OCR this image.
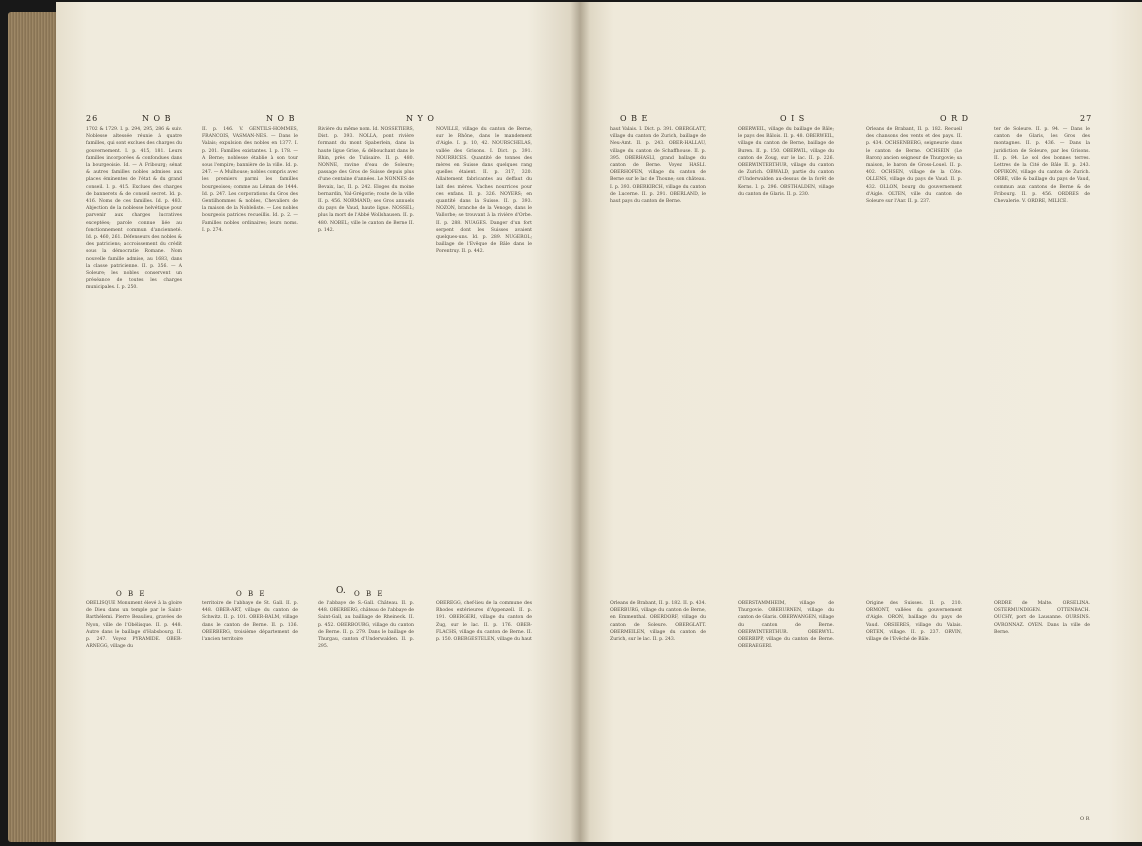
26	N O B	N O B	N Y O
1702 & 1729. I. p. 294, 295, 286 & suiv. Noblesse altessée réunie à quatre familles, qui sont exclues des charges du gouvernement. I. p. 415, 181. Leurs familles incorporées & confondues dans la bourgeoisie. Id. — A Fribourg; sénat & autres familles nobles admises aux places éminentes de l'état & du grand conseil. I. p. 415. Exclues des charges de bannerets & de conseil secret. Id. p. 416. Noms de ces familles. Id. p. 483. Abjection de la noblesse helvétique pour parvenir aux charges lucratives exceptées; parole connue liée au fonctionnement commun d'ancienneté. Id. p. 460, 261. Défenseurs des nobles & des patriciens; accroissement du crédit sous la démocratie Romane. Nom nouvelle famille admise, au 1683, dans la classe patricienne. II. p. 356. — A Soleure; les nobles conservent un préséance de toutes les charges municipales. I. p. 250.
II. p. 146. V. GENTILS-HOMMES, FRANCOIS, VASMAN-NES. — Dans le Valais; expulsion des nobles en 1377. I. p. 201. Familles existantes. I. p. 178. — A Berne; noblesse établie à son tour sous l'empire; bannière de la ville. Id. p. 247. — A Mulhouse; nobles compris avec les premiers parmi les familles bourgeoises; comme au Léman de 1444. Id. p. 247. Les corporations du Gros des Gentilhommes & nobles, Chevaliers de la maison de la Nobleliste. — Les nobles bourgeois patrices recueillis. Id. p. 2. — Familles nobles ordinaires; leurs noms. I. p. 274.
Rivière du même nom. Id. NOSSETIERS, Dist. p. 393. NOLLA, pont rivière formant du mont Spaberlein, dans la haute ligue Grise, & débouchant dans le Rhin, près de Tulisaire. II. p. 480. NONNE, ravine d'eau de Soleure; passage des Gros de Suisse depuis plus d'une centaine d'années. Le NONNES de Bevaix, lac, II. p. 242. Eloges du moine bernardin, Val-Grégorie; route de la ville II. p. 456. NORMAND; ses Gros annuels du pays de Vaud, haute ligue. NOSSEL; plus la mort de l'Abbé Wollshausen. II. p. 480. NOBEL; ville le canton de Berne II. p. 142.
NOVILLE, village du canton de Berne, sur le Rhône, dans le mandement d'Aigle. I. p. 10, 42. NOURSCHELAS, vallée des Grisons. I. Dict. p. 391. NOURRICES. Quantité de tonnes des mères en Suisse dans quelques rang quelles étaient. II. p. 317, 320. Allaitement fabricantes au deffaut du lait des mères. Vaches nourrices pour ces enfans. II. p. 326. NOYERS; en quantité dans la Suisse. II. p. 393. NOZON, branche de la Venoge, dans le Vallorbe; se trouvant à la rivière d'Orbe. II. p. 288. NUAGES. Danger d'un fort serpent dont les Suisses avaient quelques-uns. Id. p. 289. NUGEROL; baillage de l'Evêque de Bâle dans le Porentruy. II. p. 442.
O B E	O B E	O. O B E
OBELISQUE Monument élevé à la gloire de Dieu dans un temple par le Saint-Barthélemi. Pierre Beaulieu, gravées de Nyon, ville de l'Obélisque. II. p. 448. Autre dans le baillage d'Habsbourg. II. p. 247. Voyez PYRAMIDE. OBER-ARNEGG, village du
territoire de l'abbaye de St. Gall. II. p. 448. OBER-ART, village du canton de Schwitz. II. p. 101. OBER-BALM, village dans le canton de Berne. II. p. 136. OBERBERG, troisième département de l'ancien territoire
de l'abbaye de S.-Gall. Château. II. p. 448. OBERBERG, château de l'abbaye de Saint-Gall, au bailliage de Rheineck. II. p. 452. OBERBOURG, village du canton de Berne. II. p. 279. Dans le baillage de Thurgau, canton d'Underwalden. II. p. 295.
OBEREGG, chef-lieu de la commune des Rhodes extérieures d'Appenzell. II. p. 191. OBERGERI, village du canton de Zug, sur le lac. II. p. 176. OBER-FLACHS, village du canton de Berne. II. p. 150. OBERGESTELEN, village du haut
O B E	O I S	O R D	27
haut Valais. I. Dict. p. 391. OBERGLATT, village du canton de Zurich, baillage de Neu-Amt. II. p. 243. OBER-HALLAU, village du canton de Schaffhouse. II. p. 395. OBERHASLI, grand ballage du canton de Berne. Voyez HASLI. OBERHOFEN, village du canton de Berne sur le lac de Thoune; son château. I. p. 393. OBERKIRCH, village du canton de Lucerne. II. p. 291. OBERLAND, le haut pays du canton de Berne.
OBERWEIL, village du baillage de Bâle; le pays des Bâlois. II. p. 48. OBERWEIL, village du canton de Berne, baillage de Buren. II. p. 150. OBERWIL, village du canton de Zoug, sur le lac. II. p. 226. OBERWINTERTHUR, village du canton de Zurich. OBWALD, partie du canton d'Underwalden au-dessus de la forêt de Kerns. I. p. 296. OBSTHALDEN, village du canton de Glaris. II. p. 230.
Orleans de Brabant, II. p. 182. Recueil des chansons des vents et des pays. II. p. 434. OCHSENBERG, seigneurie dans le canton de Berne. OCHSEIN (Le Baron) ancien seigneur de Thurgovie; sa maison, le baron de Gross-Louel. II. p. 402. OCHSEN, village de la Côte. OLLENS, village du pays de Vaud. II. p. 432. OLLON, bourg du gouvernement d'Aigle. OLTEN, ville du canton de Soleure sur l'Aar. II. p. 237.
ter de Soleure. II. p. 94. — Dans le canton de Glaris, les Gros des montagnes. II. p. 436. — Dans la juridiction de Soleure, par les Grisons. II. p. 84. Le sol des bonnes terres. Lettres de la Cité de Bâle II. p. 243. OPFIKON, village du canton de Zurich. ORBE, ville & baillage du pays de Vaud, commun aux cantons de Berne & de Fribourg. II. p. 456. ORDRES de Chevalerie. V. ORDRE, MILICE.
Orleans de Brabant, II. p. 182. II. p. 434. OBERBURG, village du canton de Berne, en Emmenthal. OBERDORF, village du canton de Soleure. OBERGLATT. OBERMEILEN, village du canton de Zurich, sur le lac. II. p. 243.
OBERSTAMMHEIM, village de Thurgovie. OBERURNEN, village du canton de Glaris. OBERWANGEN, village du canton de Berne. OBERWINTERTHUR. OBERWYL. OBERBIPP, village du canton de Berne. OBERAEGERI.
Origine des Suisses. II. p. 210. ORMONT, vallées du gouvernement d'Aigle. ORON, baillage du pays de Vaud. ORSIERES, village du Valais. ORTEN, village. II. p. 237. ORVIN, village de l'Evêché de Bâle.
ORDRE de Malte. ORSELINA. OSTERMUNDIGEN. OTTENBACH. OUCHY, port de Lausanne. OURSINS. OVRONNAZ. OYEN. Dans la ville de Berne.
O R
